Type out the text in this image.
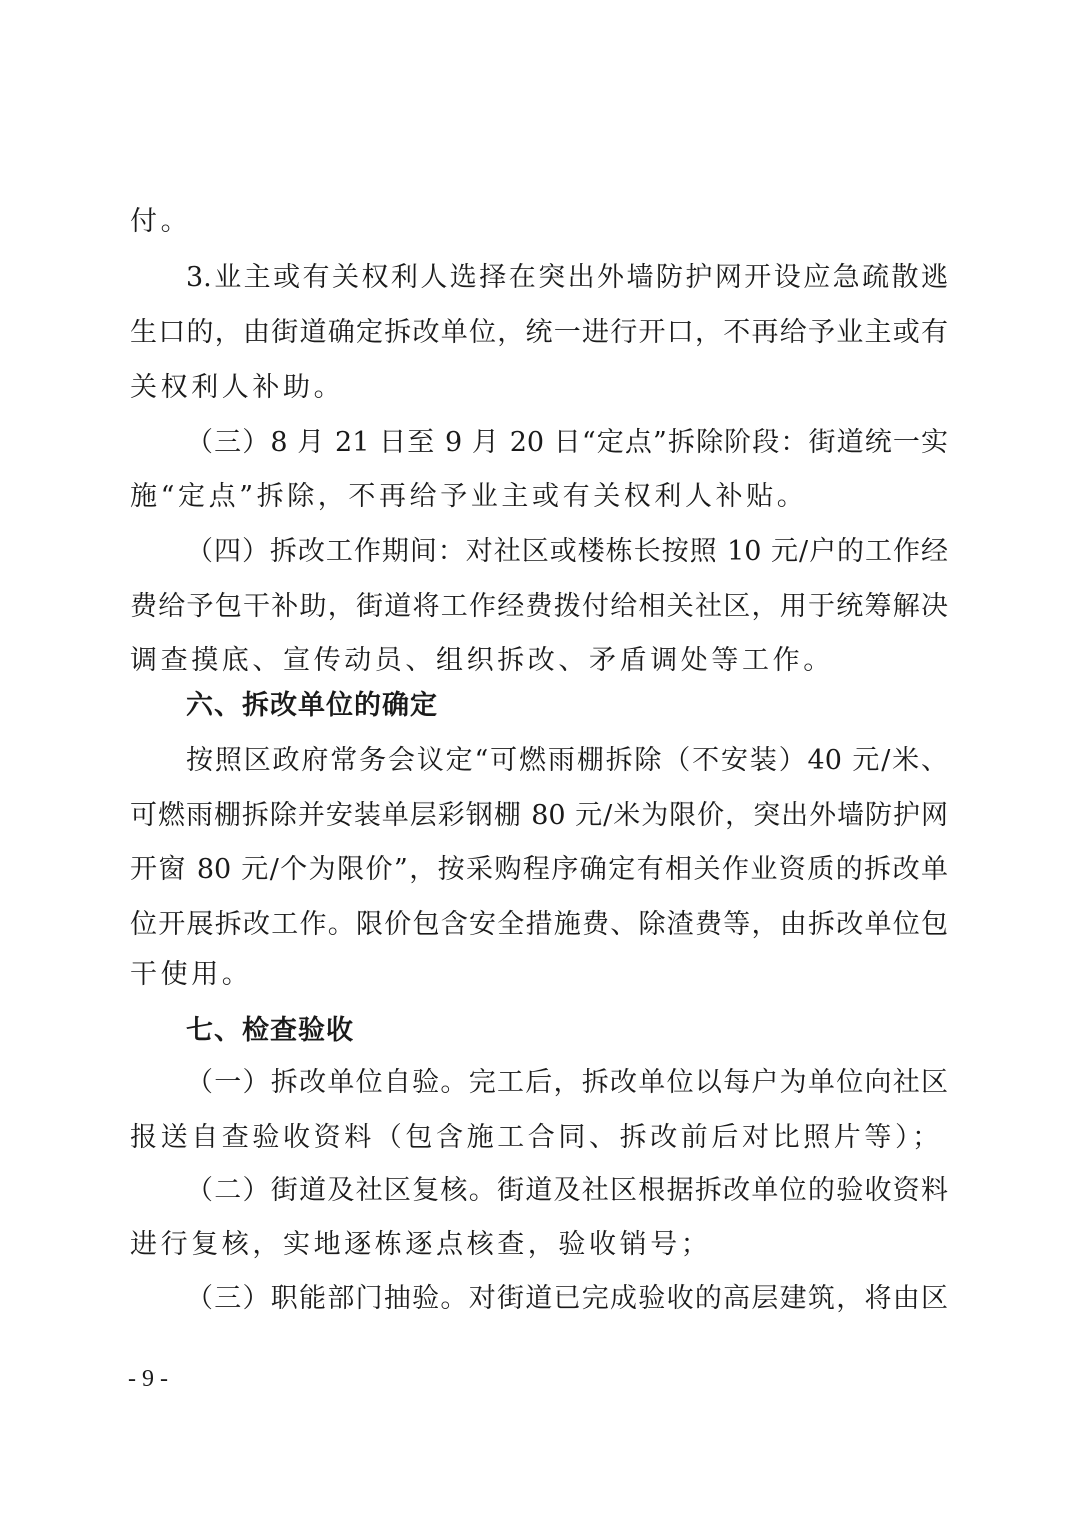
付。
3.业主或有关权利人选择在突出外墙防护网开设应急疏散逃
生口的，由街道确定拆改单位，统一进行开口，不再给予业主或有
关权利人补助。
（三）8 月 21 日至 9 月 20 日“定点”拆除阶段：街道统一实
施“定点”拆除，不再给予业主或有关权利人补贴。
（四）拆改工作期间：对社区或楼栋长按照 10 元/户的工作经
费给予包干补助，街道将工作经费拨付给相关社区，用于统筹解决
调查摸底、宣传动员、组织拆改、矛盾调处等工作。
六、拆改单位的确定
按照区政府常务会议定“可燃雨棚拆除（不安装）40 元/米、
可燃雨棚拆除并安装单层彩钢棚 80 元/米为限价，突出外墙防护网
开窗 80 元/个为限价”，按采购程序确定有相关作业资质的拆改单
位开展拆改工作。限价包含安全措施费、除渣费等，由拆改单位包
干使用。
七、检查验收
（一）拆改单位自验。完工后，拆改单位以每户为单位向社区
报送自查验收资料（包含施工合同、拆改前后对比照片等）；
（二）街道及社区复核。街道及社区根据拆改单位的验收资料
进行复核，实地逐栋逐点核查，验收销号；
（三）职能部门抽验。对街道已完成验收的高层建筑，将由区
- 9 -
